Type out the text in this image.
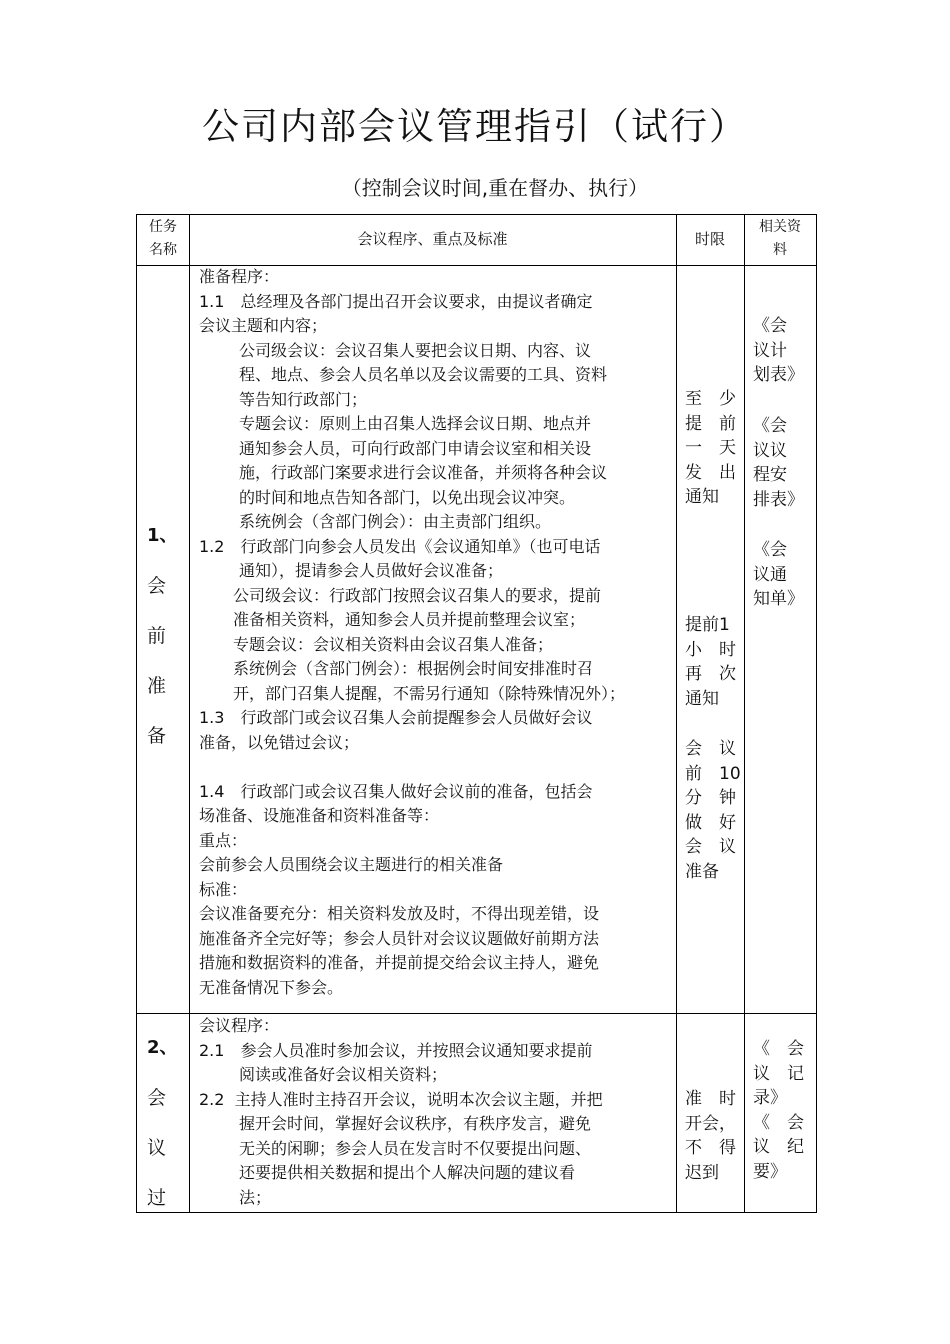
公司内部会议管理指引（试行）
（控制会议时间,重在督办、执行）
任务
名称
会议程序、重点及标准	时限
相关资
料
1、
会
前
准
备
准备程序：
1.1　总经理及各部门提出召开会议要求，由提议者确定
会议主题和内容；
公司级会议：会议召集人要把会议日期、内容、议
程、地点、参会人员名单以及会议需要的工具、资料
等告知行政部门；
专题会议：原则上由召集人选择会议日期、地点并
通知参会人员，可向行政部门申请会议室和相关设
施，行政部门案要求进行会议准备，并须将各种会议
的时间和地点告知各部门，以免出现会议冲突。
系统例会（含部门例会）：由主责部门组织。
1.2　行政部门向参会人员发出《会议通知单》（也可电话
通知），提请参会人员做好会议准备；
公司级会议：行政部门按照会议召集人的要求，提前
准备相关资料，通知参会人员并提前整理会议室；
专题会议：会议相关资料由会议召集人准备；
系统例会（含部门例会）：根据例会时间安排准时召
开，部门召集人提醒，不需另行通知（除特殊情况外）；
1.3　行政部门或会议召集人会前提醒参会人员做好会议
准备，以免错过会议；
1.4　行政部门或会议召集人做好会议前的准备，包括会
场准备、设施准备和资料准备等：
重点：
会前参会人员围绕会议主题进行的相关准备
标准：
会议准备要充分：相关资料发放及时，不得出现差错，设
施准备齐全完好等；参会人员针对会议议题做好前期方法
措施和数据资料的准备，并提前提交给会议主持人，避免
无准备情况下参会。
至　少
提　前
一　天
发　出
通知
提前1
小　时
再　次
通知
会　议
前　10
分　钟
做　好
会　议
准备
《会
议计
划表》
《会
议议
程安
排表》
《会
议通
知单》
2、
会
议
过
会议程序：
2.1　参会人员准时参加会议，并按照会议通知要求提前
阅读或准备好会议相关资料；
2.2  主持人准时主持召开会议，说明本次会议主题，并把
握开会时间，掌握好会议秩序，有秩序发言，避免
无关的闲聊；参会人员在发言时不仅要提出问题、
还要提供相关数据和提出个人解决问题的建议看
法；
准　时
开会，
不　得
迟到
《　会
议　记
录》
《　会
议　纪
要》
